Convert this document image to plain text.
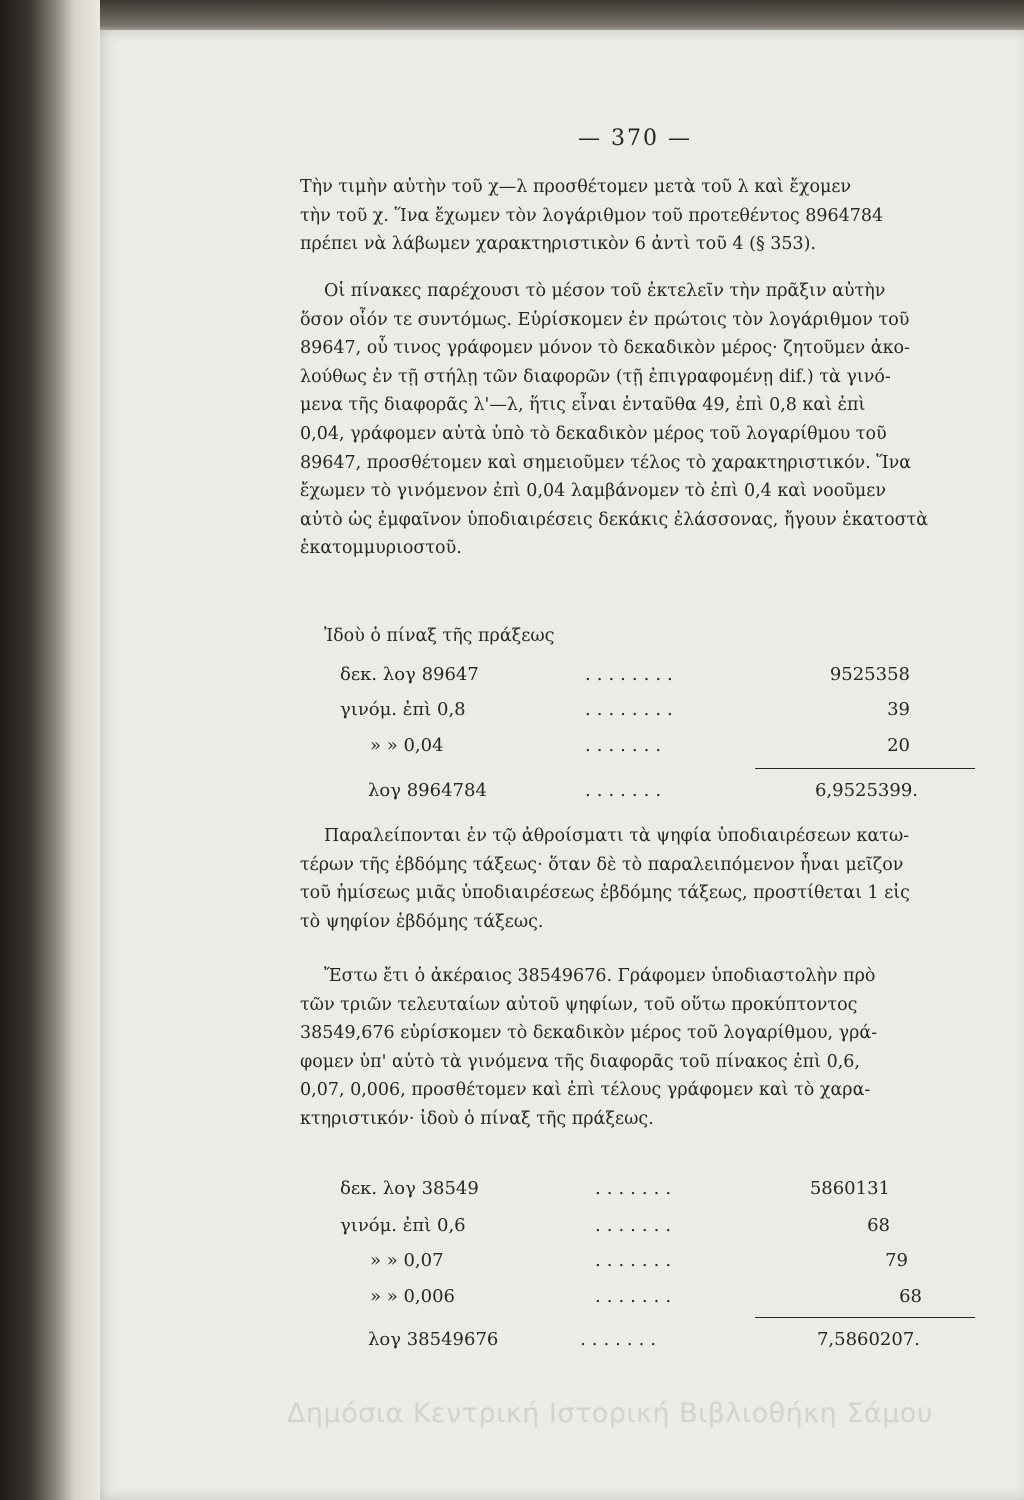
— 370 —
Τὴν τιμὴν αὐτὴν τοῦ χ—λ προσθέτομεν μετὰ τοῦ λ καὶ ἔχομεν
τὴν τοῦ χ. Ἵνα ἔχωμεν τὸν λογάριθμον τοῦ προτεθέντος 8964784
πρέπει νὰ λάβωμεν χαρακτηριστικὸν 6 ἀντὶ τοῦ 4 (§ 353).
Οἱ πίνακες παρέχουσι τὸ μέσον τοῦ ἐκτελεῖν τὴν πρᾶξιν αὐτὴν
ὅσον οἷόν τε συντόμως. Εὑρίσκομεν ἐν πρώτοις τὸν λογάριθμον τοῦ
89647, οὗ τινος γράφομεν μόνον τὸ δεκαδικὸν μέρος· ζητοῦμεν ἀκο-
λούθως ἐν τῇ στήλῃ τῶν διαφορῶν (τῇ ἐπιγραφομένῃ dif.) τὰ γινό-
μενα τῆς διαφορᾶς λ'—λ, ἥτις εἶναι ἐνταῦθα 49, ἐπὶ 0,8 καὶ ἐπὶ
0,04, γράφομεν αὐτὰ ὑπὸ τὸ δεκαδικὸν μέρος τοῦ λογαρίθμου τοῦ
89647, προσθέτομεν καὶ σημειοῦμεν τέλος τὸ χαρακτηριστικόν. Ἵνα
ἔχωμεν τὸ γινόμενον ἐπὶ 0,04 λαμβάνομεν τὸ ἐπὶ 0,4 καὶ νοοῦμεν
αὐτὸ ὡς ἐμφαῖνον ὑποδιαιρέσεις δεκάκις ἐλάσσονας, ἤγουν ἑκατοστὰ
ἑκατομμυριοστοῦ.
Ἰδοὺ ὁ πίναξ τῆς πράξεως
δεκ. λογ 89647	........	9525358
γινόμ. ἐπὶ 0,8	........	39
» » 0,04	.......	20
λογ 8964784	.......	6,9525399.
Παραλείπονται ἐν τῷ ἀθροίσματι τὰ ψηφία ὑποδιαιρέσεων κατω-
τέρων τῆς ἑβδόμης τάξεως· ὅταν δὲ τὸ παραλειπόμενον ἦναι μεῖζον
τοῦ ἡμίσεως μιᾶς ὑποδιαιρέσεως ἑβδόμης τάξεως, προστίθεται 1 εἰς
τὸ ψηφίον ἑβδόμης τάξεως.
Ἔστω ἔτι ὁ ἀκέραιος 38549676. Γράφομεν ὑποδιαστολὴν πρὸ
τῶν τριῶν τελευταίων αὐτοῦ ψηφίων, τοῦ οὕτω προκύπτοντος
38549,676 εὑρίσκομεν τὸ δεκαδικὸν μέρος τοῦ λογαρίθμου, γρά-
φομεν ὑπ' αὐτὸ τὰ γινόμενα τῆς διαφορᾶς τοῦ πίνακος ἐπὶ 0,6,
0,07, 0,006, προσθέτομεν καὶ ἐπὶ τέλους γράφομεν καὶ τὸ χαρα-
κτηριστικόν· ἰδοὺ ὁ πίναξ τῆς πράξεως.
δεκ. λογ 38549	.......	5860131
γινόμ. ἐπὶ 0,6	.......	68
» » 0,07	.......	79
» » 0,006	.......	68
λογ 38549676	.......	7,5860207.
Δημόσια Κεντρική Ιστορική Βιβλιοθήκη Σάμου
